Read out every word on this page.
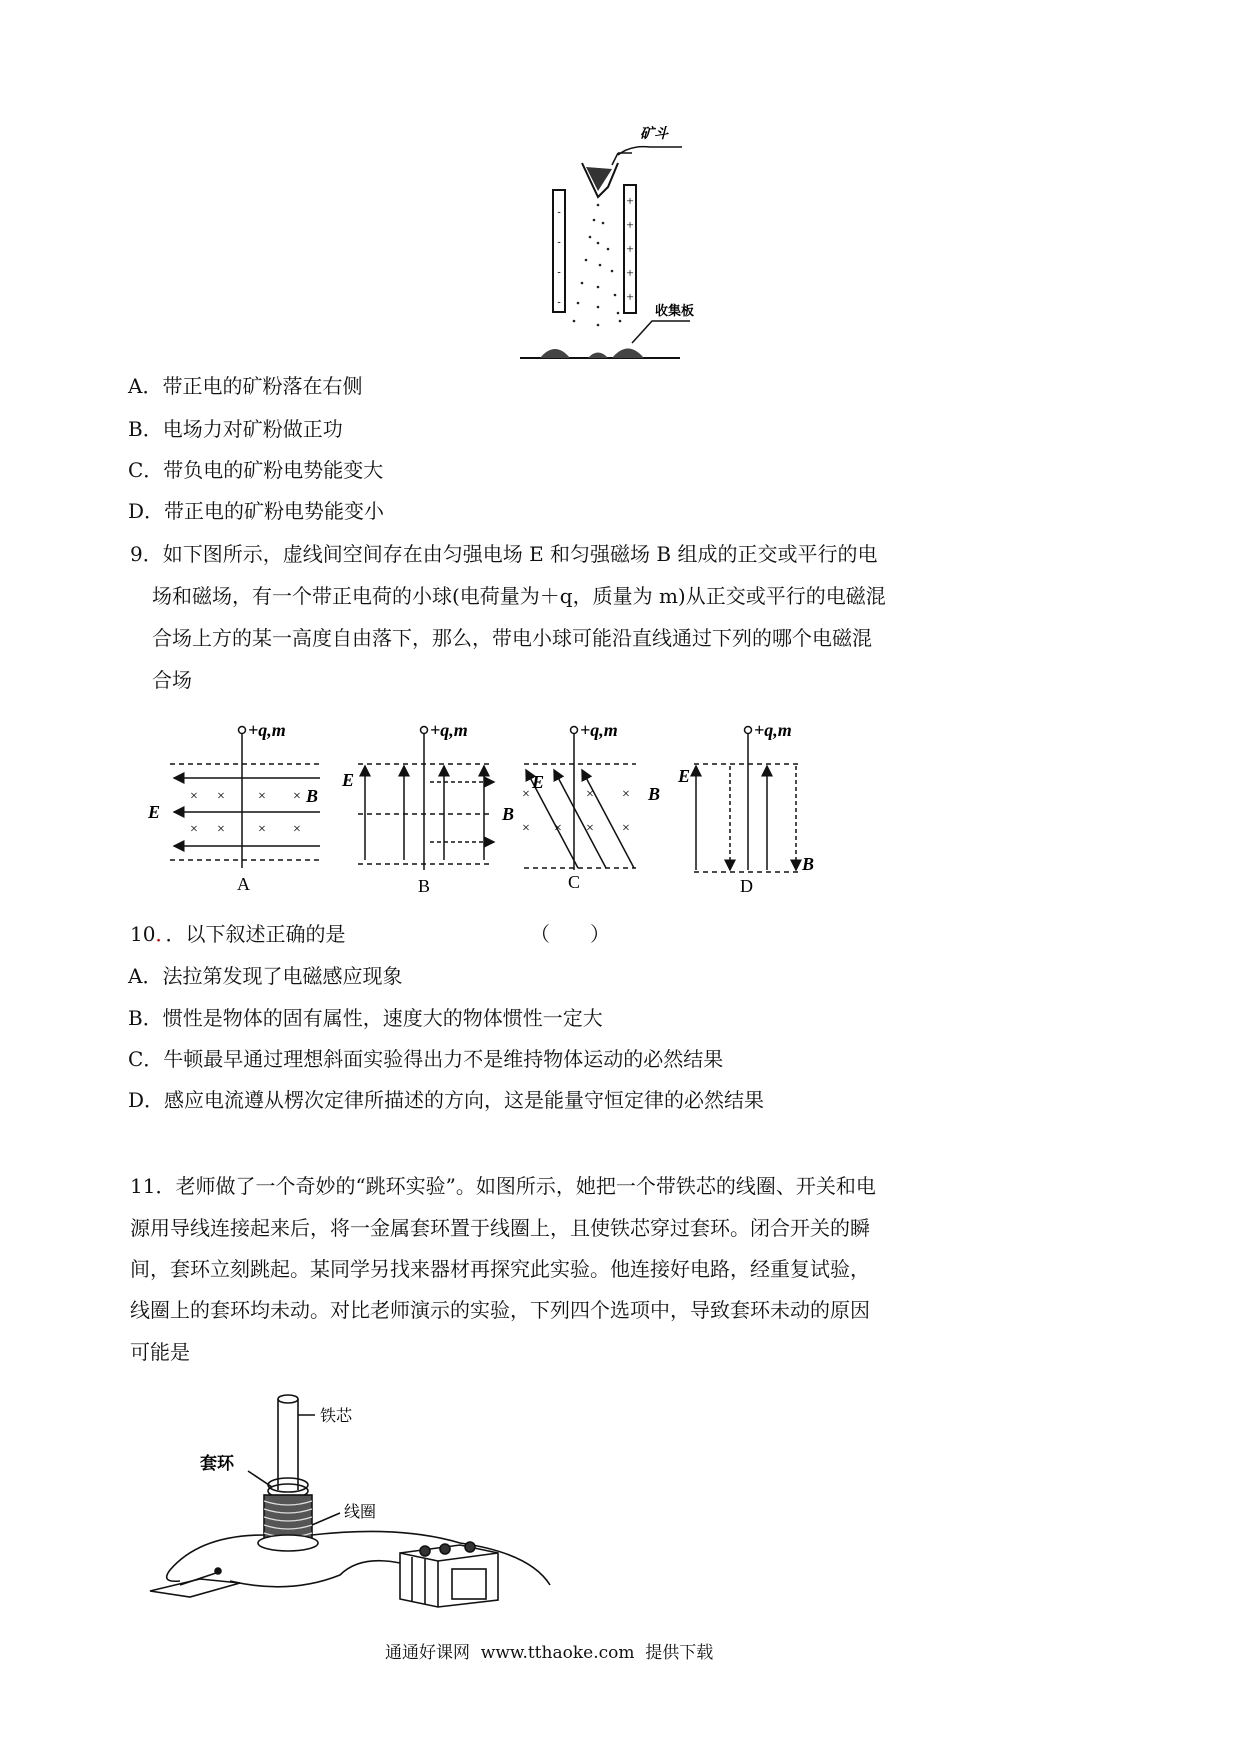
-
-
-
-
+
+
+
+
+
矿斗
收集板
A．带正电的矿粉落在右侧
B．电场力对矿粉做正功
C．带负电的矿粉电势能变大
D．带正电的矿粉电势能变小
9．如下图所示，虚线间空间存在由匀强电场 E 和匀强磁场 B 组成的正交或平行的电
场和磁场，有一个带正电荷的小球(电荷量为＋q，质量为 m)从正交或平行的电磁混
合场上方的某一高度自由落下，那么，带电小球可能沿直线通过下列的哪个电磁混
合场
+q,m
× × × ×
× × × ×
B
E
A
+q,m
E
B
B
+q,m
E
×	× ×
× × × ×
B
C
+q,m
E
B
D
10．．以下叙述正确的是	（　　）
A．法拉第发现了电磁感应现象
B．惯性是物体的固有属性，速度大的物体惯性一定大
C．牛顿最早通过理想斜面实验得出力不是维持物体运动的必然结果
D．感应电流遵从楞次定律所描述的方向，这是能量守恒定律的必然结果
11．老师做了一个奇妙的“跳环实验”。如图所示，她把一个带铁芯的线圈、开关和电
源用导线连接起来后，将一金属套环置于线圈上，且使铁芯穿过套环。闭合开关的瞬
间，套环立刻跳起。某同学另找来器材再探究此实验。他连接好电路，经重复试验，
线圈上的套环均未动。对比老师演示的实验，下列四个选项中，导致套环未动的原因
可能是
铁芯
套环
线圈
通通好课网  www.tthaoke.com  提供下载
